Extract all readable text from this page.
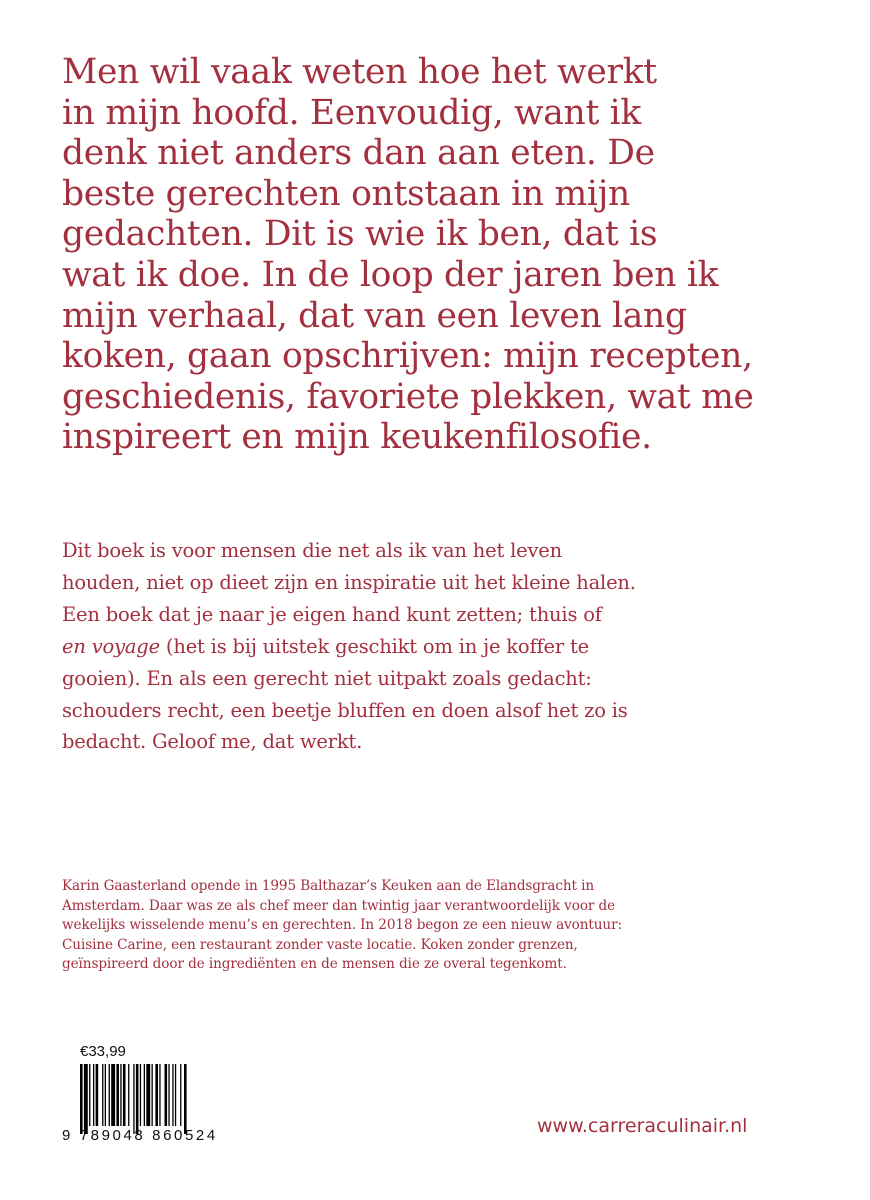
Men wil vaak weten hoe het werkt
in mijn hoofd. Eenvoudig, want ik
denk niet anders dan aan eten. De
beste gerechten ontstaan in mijn
gedachten. Dit is wie ik ben, dat is
wat ik doe. In de loop der jaren ben ik
mijn verhaal, dat van een leven lang
koken, gaan opschrijven: mijn recepten,
geschiedenis, favoriete plekken, wat me
inspireert en mijn keukenfilosofie.
Dit boek is voor mensen die net als ik van het leven
houden, niet op dieet zijn en inspiratie uit het kleine halen.
Een boek dat je naar je eigen hand kunt zetten; thuis of
en voyage (het is bij uitstek geschikt om in je koffer te
gooien). En als een gerecht niet uitpakt zoals gedacht:
schouders recht, een beetje bluffen en doen alsof het zo is
bedacht. Geloof me, dat werkt.
Karin Gaasterland opende in 1995 Balthazar’s Keuken aan de Elandsgracht in
Amsterdam. Daar was ze als chef meer dan twintig jaar verantwoordelijk voor de
wekelijks wisselende menu’s en gerechten. In 2018 begon ze een nieuw avontuur:
Cuisine Carine, een restaurant zonder vaste locatie. Koken zonder grenzen,
geïnspireerd door de ingrediënten en de mensen die ze overal tegenkomt.
€33,99
9 789048 860524	www.carreraculinair.nl
